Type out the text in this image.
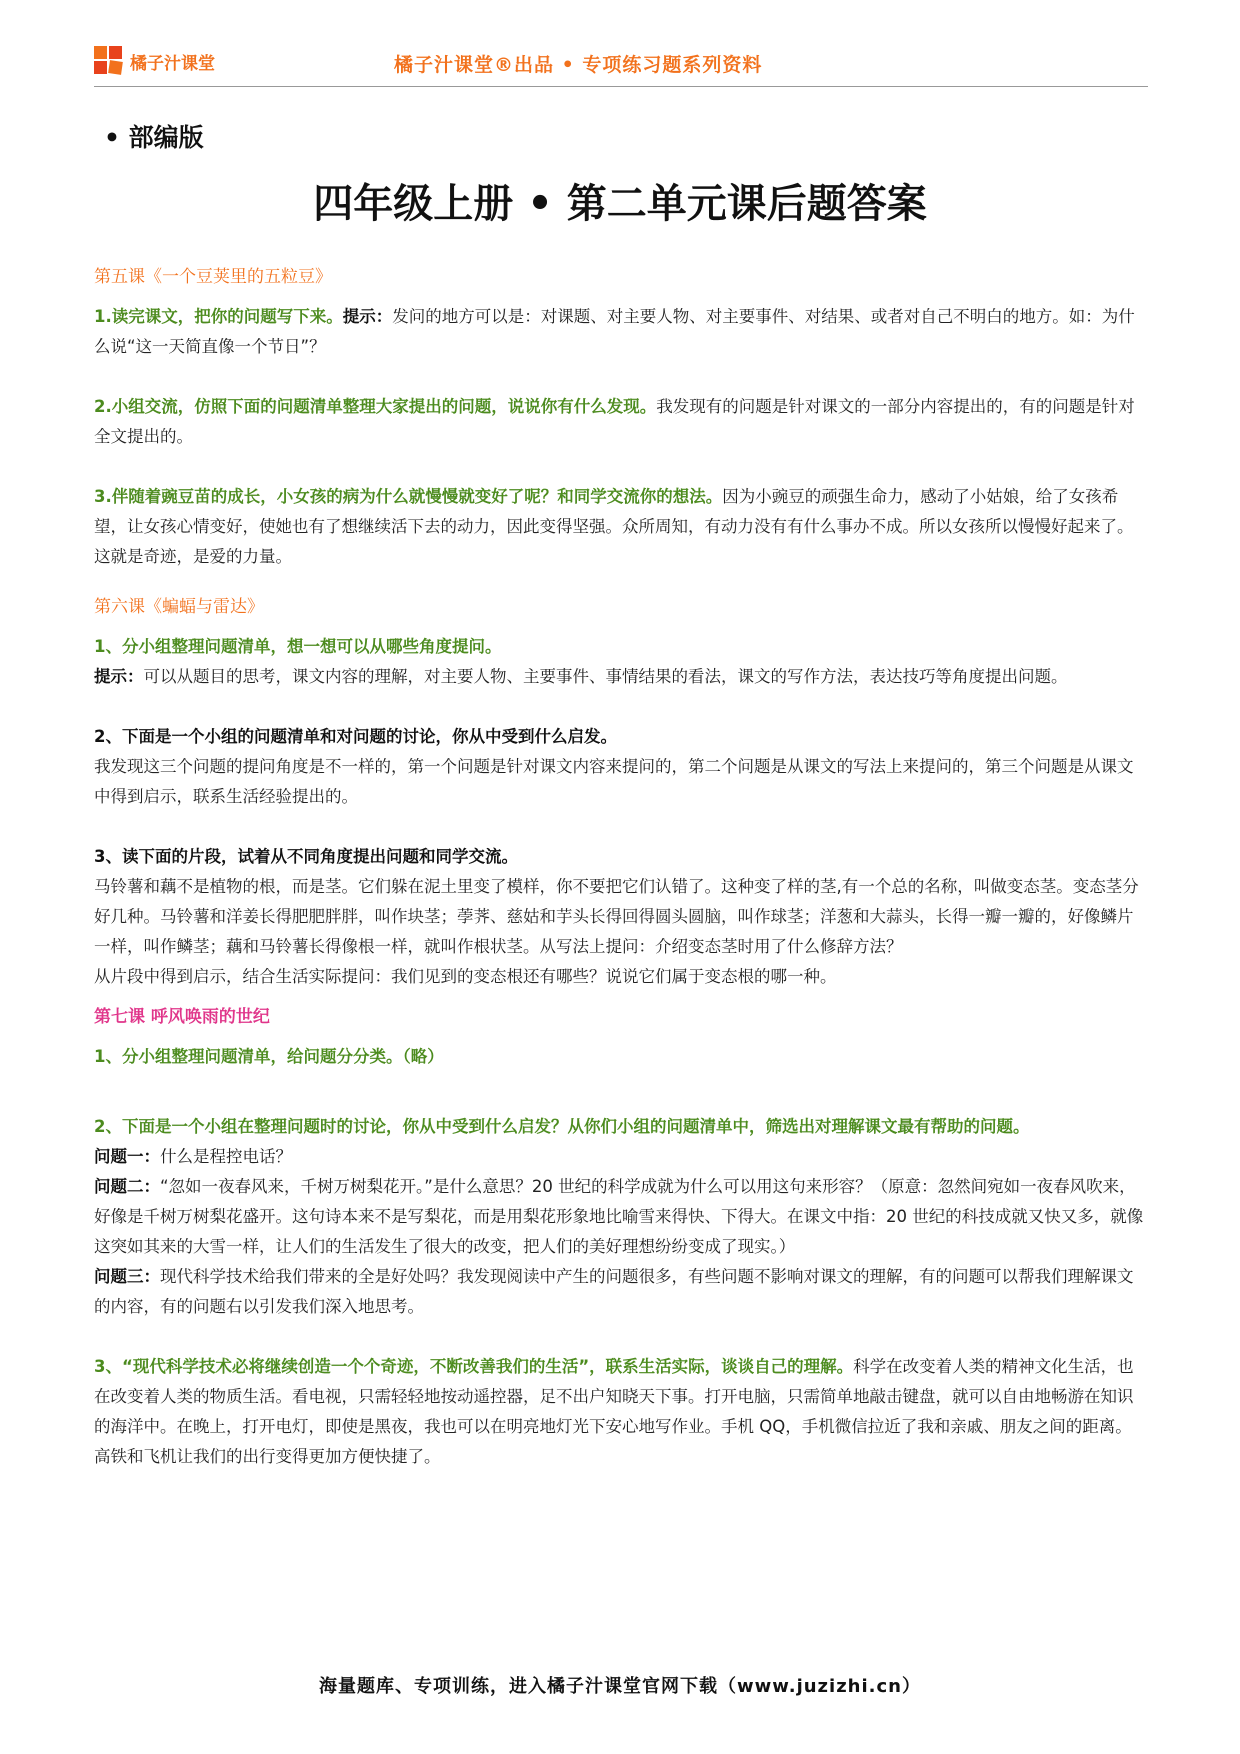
橘子汁课堂	橘子汁课堂®出品 • 专项练习题系列资料
• 部编版
四年级上册 • 第二单元课后题答案

第五课《一个豆荚里的五粒豆》

1.读完课文，把你的问题写下来。提示：发问的地方可以是：对课题、对主要人物、对主要事件、对结果、或者对自己不明白的地方。如：为什么说“这一天简直像一个节日”？

2.小组交流，仿照下面的问题清单整理大家提出的问题，说说你有什么发现。我发现有的问题是针对课文的一部分内容提出的，有的问题是针对全文提出的。

3.伴随着豌豆苗的成长，小女孩的病为什么就慢慢就变好了呢？和同学交流你的想法。因为小豌豆的顽强生命力，感动了小姑娘，给了女孩希望，让女孩心情变好，使她也有了想继续活下去的动力，因此变得坚强。众所周知，有动力没有有什么事办不成。所以女孩所以慢慢好起来了。这就是奇迹，是爱的力量。

第六课《蝙蝠与雷达》

1、分小组整理问题清单，想一想可以从哪些角度提问。

提示：可以从题目的思考，课文内容的理解，对主要人物、主要事件、事情结果的看法，课文的写作方法，表达技巧等角度提出问题。

2、下面是一个小组的问题清单和对问题的讨论，你从中受到什么启发。

我发现这三个问题的提问角度是不一样的，第一个问题是针对课文内容来提问的，第二个问题是从课文的写法上来提问的，第三个问题是从课文中得到启示，联系生活经验提出的。

3、读下面的片段，试着从不同角度提出问题和同学交流。

马铃薯和藕不是植物的根，而是茎。它们躲在泥土里变了模样，你不要把它们认错了。这种变了样的茎,有一个总的名称，叫做变态茎。变态茎分好几种。马铃薯和洋姜长得肥肥胖胖，叫作块茎；荸荠、慈姑和芋头长得回得圆头圆脑，叫作球茎；洋葱和大蒜头，长得一瓣一瓣的，好像鳞片一样，叫作鳞茎；藕和马铃薯长得像根一样，就叫作根状茎。从写法上提问：介绍变态茎时用了什么修辞方法？

从片段中得到启示，结合生活实际提问：我们见到的变态根还有哪些？说说它们属于变态根的哪一种。

第七课 呼风唤雨的世纪

1、分小组整理问题清单，给问题分分类。（略）

2、下面是一个小组在整理问题时的讨论，你从中受到什么启发？从你们小组的问题清单中，筛选出对理解课文最有帮助的问题。

问题一：什么是程控电话？

问题二：“忽如一夜春风来，千树万树梨花开。”是什么意思？20 世纪的科学成就为什么可以用这句来形容？（原意：忽然间宛如一夜春风吹来，好像是千树万树梨花盛开。这句诗本来不是写梨花，而是用梨花形象地比喻雪来得快、下得大。在课文中指：20 世纪的科技成就又快又多，就像这突如其来的大雪一样，让人们的生活发生了很大的改变，把人们的美好理想纷纷变成了现实。）

问题三：现代科学技术给我们带来的全是好处吗？我发现阅读中产生的问题很多，有些问题不影响对课文的理解，有的问题可以帮我们理解课文的内容，有的问题右以引发我们深入地思考。

3、“现代科学技术必将继续创造一个个奇迹，不断改善我们的生活”，联系生活实际，谈谈自己的理解。科学在改变着人类的精神文化生活，也在改变着人类的物质生活。看电视，只需轻轻地按动遥控器，足不出户知晓天下事。打开电脑，只需简单地敲击键盘，就可以自由地畅游在知识的海洋中。在晚上，打开电灯，即使是黑夜，我也可以在明亮地灯光下安心地写作业。手机 QQ，手机微信拉近了我和亲戚、朋友之间的距离。高铁和飞机让我们的出行变得更加方便快捷了。

海量题库、专项训练，进入橘子汁课堂官网下载（www.juzizhi.cn）
